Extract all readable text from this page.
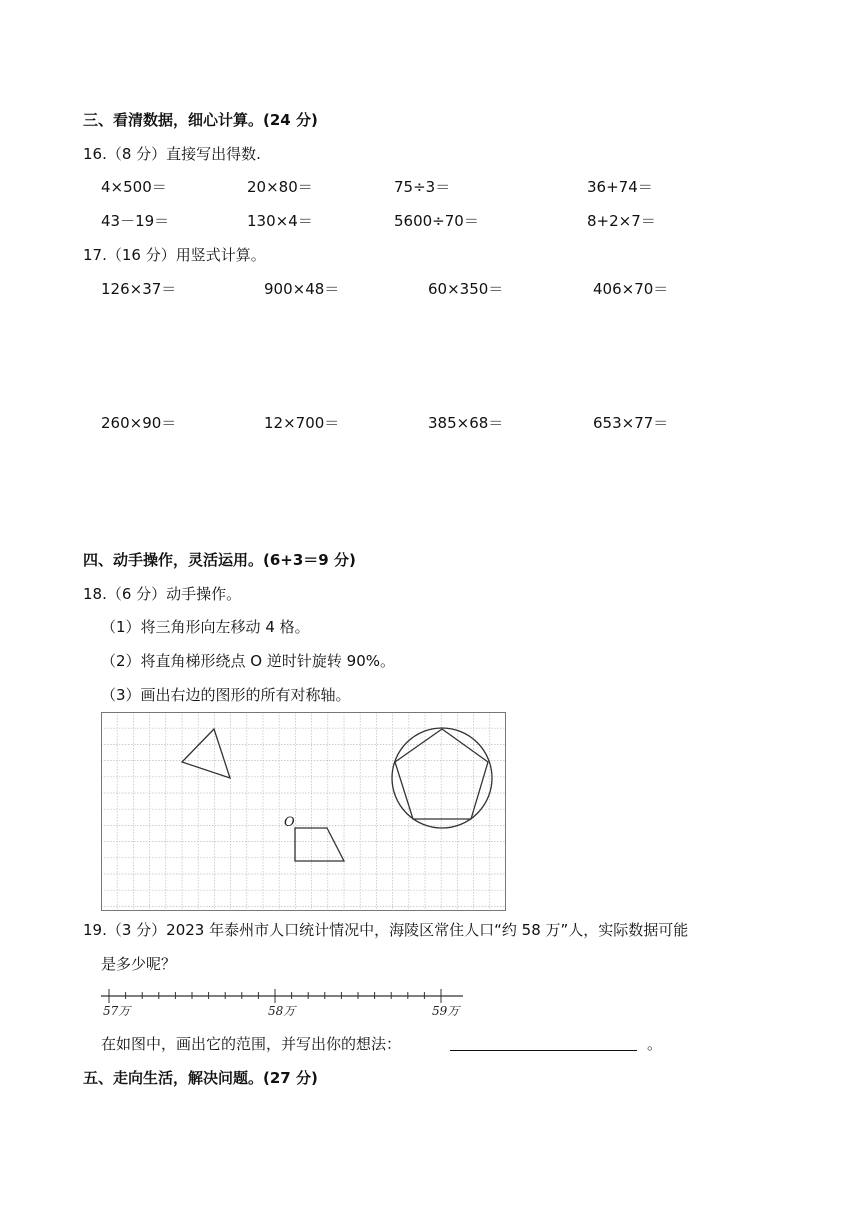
三、看清数据，细心计算。(24 分)
16.（8 分）直接写出得数.
4×500＝	20×80＝	75÷3＝	36+74＝
43－19＝	130×4＝	5600÷70＝	8+2×7＝
17.（16 分）用竖式计算。
126×37＝	900×48＝	60×350＝	406×70＝
260×90＝	12×700＝	385×68＝	653×77＝
四、动手操作，灵活运用。(6+3＝9 分)
18.（6 分）动手操作。
（1）将三角形向左移动 4 格。
（2）将直角梯形绕点 O 逆时针旋转 90%。
（3）画出右边的图形的所有对称轴。
O
19.（3 分）2023 年泰州市人口统计情况中，海陵区常住人口“约 58 万”人，实际数据可能
是多少呢？
57万	58万	59万
在如图中，画出它的范围，并写出你的想法：	。
五、走向生活，解决问题。(27 分)
